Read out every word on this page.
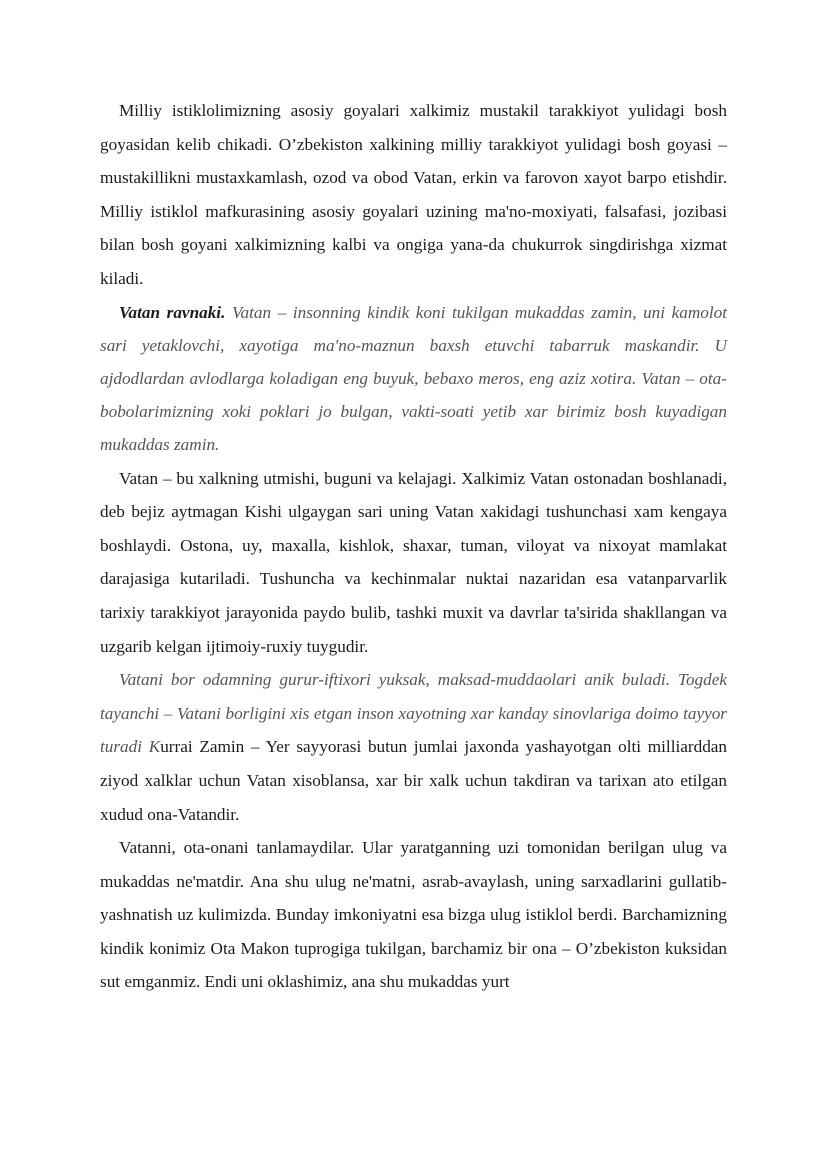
Milliy istiklolimizning asosiy goyalari xalkimiz mustakil tarakkiyot yulidagi bosh goyasidan kelib chikadi. O’zbekiston xalkining milliy tarakkiyot yulidagi bosh goyasi – mustakillikni mustaxkamlash, ozod va obod Vatan, erkin va farovon xayot barpo etishdir. Milliy istiklol mafkurasining asosiy goyalari uzining ma'no-moxiyati, falsafasi, jozibasi bilan bosh goyani xalkimizning kalbi va ongiga yana-da chukurrok singdirishga xizmat kiladi.

Vatan ravnaki. Vatan – insonning kindik koni tukilgan mukaddas zamin, uni kamolot sari yetaklovchi, xayotiga ma'no-maznun baxsh etuvchi tabarruk maskandir. U ajdodlardan avlodlarga koladigan eng buyuk, bebaxo meros, eng aziz xotira. Vatan – ota-bobolarimizning xoki poklari jo bulgan, vakti-soati yetib xar birimiz bosh kuyadigan mukaddas zamin.

Vatan – bu xalkning utmishi, buguni va kelajagi. Xalkimiz Vatan ostonadan boshlanadi, deb bejiz aytmagan Kishi ulgaygan sari uning Vatan xakidagi tushunchasi xam kengaya boshlaydi. Ostona, uy, maxalla, kishlok, shaxar, tuman, viloyat va nixoyat mamlakat darajasiga kutariladi. Tushuncha va kechinmalar nuktai nazaridan esa vatanparvarlik tarixiy tarakkiyot jarayonida paydo bulib, tashki muxit va davrlar ta'sirida shakllangan va uzgarib kelgan ijtimoiy-ruxiy tuygudir.

Vatani bor odamning gurur-iftixori yuksak, maksad-muddaolari anik buladi. Togdek tayanchi – Vatani borligini xis etgan inson xayotning xar kanday sinovlariga doimo tayyor turadi Kurrai Zamin – Yer sayyorasi butun jumlai jaxonda yashayotgan olti milliarddan ziyod xalklar uchun Vatan xisoblansa, xar bir xalk uchun takdiran va tarixan ato etilgan xudud ona-Vatandir.

Vatanni, ota-onani tanlamaydilar. Ular yaratganning uzi tomonidan berilgan ulug va mukaddas ne'matdir. Ana shu ulug ne'matni, asrab-avaylash, uning sarxadlarini gullatib-yashnatish uz kulimizda. Bunday imkoniyatni esa bizga ulug istiklol berdi. Barchamizning kindik konimiz Ota Makon tuprogiga tukilgan, barchamiz bir ona – O’zbekiston kuksidan sut emganmiz. Endi uni oklashimiz, ana shu mukaddas yurt
